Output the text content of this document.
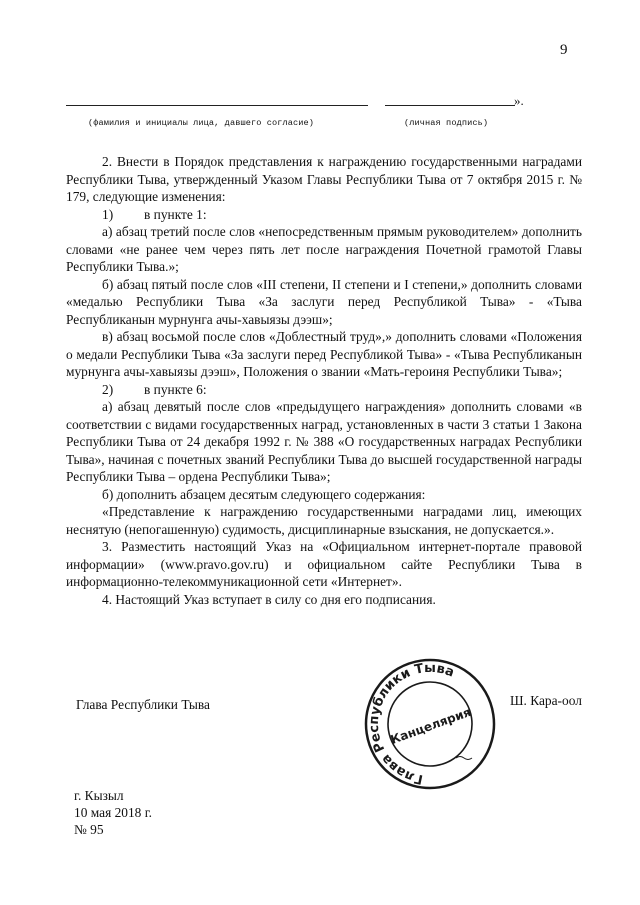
9
».
(фамилия и инициалы лица, давшего согласие)	(личная подпись)

2. Внести в Порядок представления к награждению государственными наградами Республики Тыва, утвержденный Указом Главы Республики Тыва от 7 октября 2015 г. № 179, следующие изменения:

1)	в пункте 1:

а) абзац третий после слов «непосредственным прямым руководителем» дополнить словами «не ранее чем через пять лет после награждения Почетной грамотой Главы Республики Тыва.»;

б) абзац пятый после слов «III степени, II степени и I степени,» дополнить словами «медалью Республики Тыва «За заслуги перед Республикой Тыва» - «Тыва Республиканын мурнунга ачы-хавыязы дээш»;

в) абзац восьмой после слов «Доблестный труд»,» дополнить словами «Положения о медали Республики Тыва «За заслуги перед Республикой Тыва» - «Тыва Республиканын мурнунга ачы-хавыязы дээш», Положения о звании «Мать-героиня Республики Тыва»;

2)	в пункте 6:

а) абзац девятый после слов «предыдущего награждения» дополнить словами «в соответствии с видами государственных наград, установленных в части 3 статьи 1 Закона Республики Тыва от 24 декабря 1992 г. № 388 «О государственных наградах Республики Тыва», начиная с почетных званий Республики Тыва до высшей государственной награды Республики Тыва – ордена Республики Тыва»;

б) дополнить абзацем десятым следующего содержания:

«Представление к награждению государственными наградами лиц, имеющих неснятую (непогашенную) судимость, дисциплинарные взыскания, не допускается.».

3. Разместить настоящий Указ на «Официальном интернет-портале правовой информации» (www.pravo.gov.ru) и официальном сайте Республики Тыва в информационно-телекоммуникационной сети «Интернет».

4. Настоящий Указ вступает в силу со дня его подписания.

Глава Республики Тыва	Ш. Кара-оол
Глава Республики Тыва
Канцелярия
г. Кызыл
10 мая 2018 г.
№ 95
